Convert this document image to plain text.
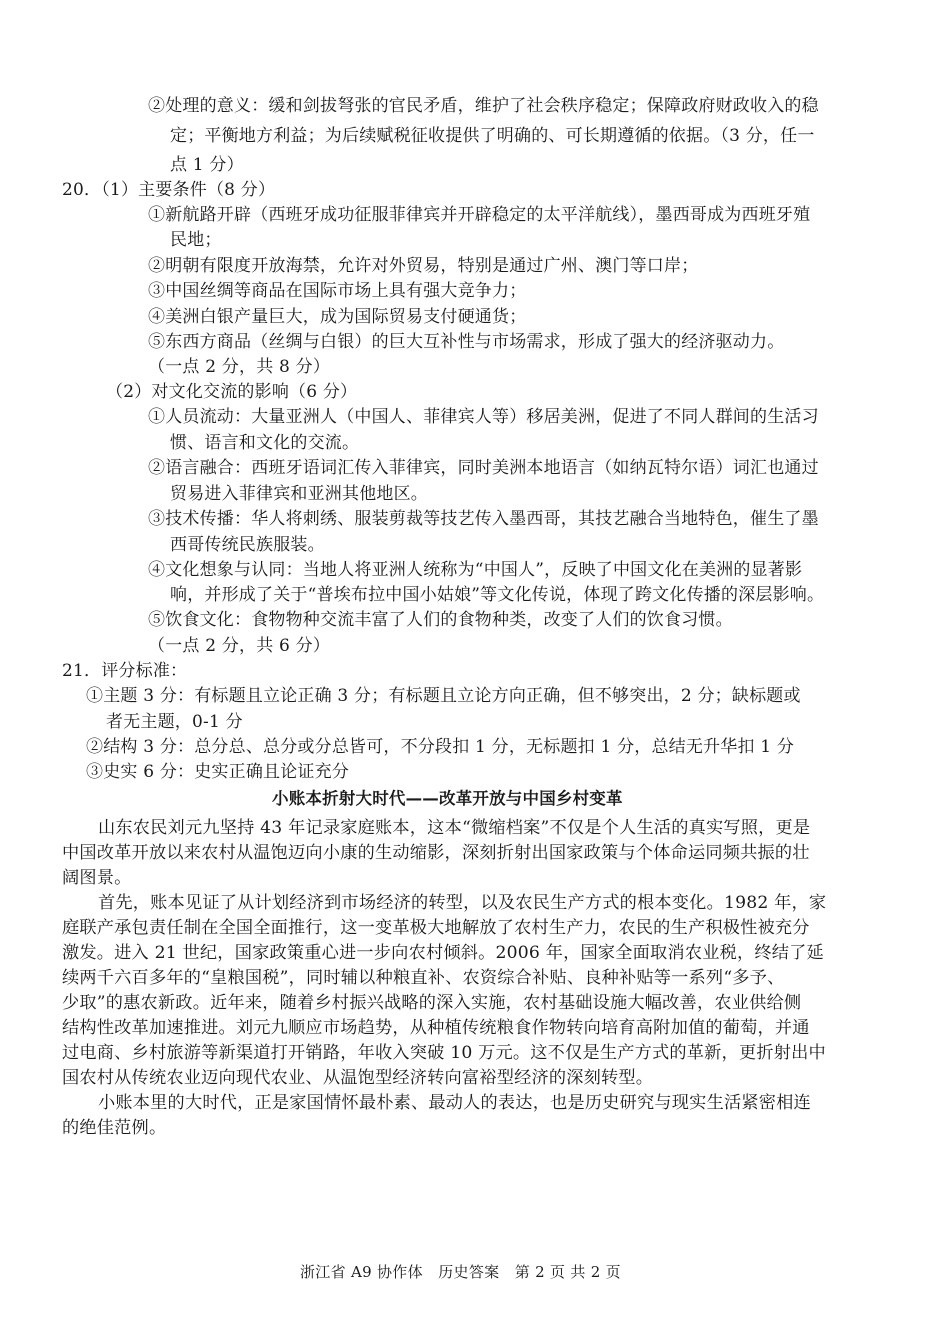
②处理的意义：缓和剑拔弩张的官民矛盾，维护了社会秩序稳定；保障政府财政收入的稳
定；平衡地方利益；为后续赋税征收提供了明确的、可长期遵循的依据。（3 分，任一
点 1 分）
20．（1）主要条件（8 分）
①新航路开辟（西班牙成功征服菲律宾并开辟稳定的太平洋航线），墨西哥成为西班牙殖
民地；
②明朝有限度开放海禁，允许对外贸易，特别是通过广州、澳门等口岸；
③中国丝绸等商品在国际市场上具有强大竞争力；
④美洲白银产量巨大，成为国际贸易支付硬通货；
⑤东西方商品（丝绸与白银）的巨大互补性与市场需求，形成了强大的经济驱动力。
（一点 2 分，共 8 分）
（2）对文化交流的影响（6 分）
①人员流动：大量亚洲人（中国人、菲律宾人等）移居美洲，促进了不同人群间的生活习
惯、语言和文化的交流。
②语言融合：西班牙语词汇传入菲律宾，同时美洲本地语言（如纳瓦特尔语）词汇也通过
贸易进入菲律宾和亚洲其他地区。
③技术传播：华人将刺绣、服装剪裁等技艺传入墨西哥，其技艺融合当地特色，催生了墨
西哥传统民族服装。
④文化想象与认同：当地人将亚洲人统称为“中国人”，反映了中国文化在美洲的显著影
响，并形成了关于“普埃布拉中国小姑娘”等文化传说，体现了跨文化传播的深层影响。
⑤饮食文化：食物物种交流丰富了人们的食物种类，改变了人们的饮食习惯。
（一点 2 分，共 6 分）
21．评分标准：
①主题 3 分：有标题且立论正确 3 分；有标题且立论方向正确，但不够突出，2 分；缺标题或
者无主题，0-1 分
②结构 3 分：总分总、总分或分总皆可，不分段扣 1 分，无标题扣 1 分，总结无升华扣 1 分
③史实 6 分：史实正确且论证充分
小账本折射大时代——改革开放与中国乡村变革
山东农民刘元九坚持 43 年记录家庭账本，这本“微缩档案”不仅是个人生活的真实写照，更是
中国改革开放以来农村从温饱迈向小康的生动缩影，深刻折射出国家政策与个体命运同频共振的壮
阔图景。
首先，账本见证了从计划经济到市场经济的转型，以及农民生产方式的根本变化。1982 年，家
庭联产承包责任制在全国全面推行，这一变革极大地解放了农村生产力，农民的生产积极性被充分
激发。进入 21 世纪，国家政策重心进一步向农村倾斜。2006 年，国家全面取消农业税，终结了延
续两千六百多年的“皇粮国税”，同时辅以种粮直补、农资综合补贴、良种补贴等一系列“多予、
少取”的惠农新政。近年来，随着乡村振兴战略的深入实施，农村基础设施大幅改善，农业供给侧
结构性改革加速推进。刘元九顺应市场趋势，从种植传统粮食作物转向培育高附加值的葡萄，并通
过电商、乡村旅游等新渠道打开销路，年收入突破 10 万元。这不仅是生产方式的革新，更折射出中
国农村从传统农业迈向现代农业、从温饱型经济转向富裕型经济的深刻转型。
小账本里的大时代，正是家国情怀最朴素、最动人的表达，也是历史研究与现实生活紧密相连
的绝佳范例。
浙江省 A9 协作体　历史答案　第 2 页 共 2 页
